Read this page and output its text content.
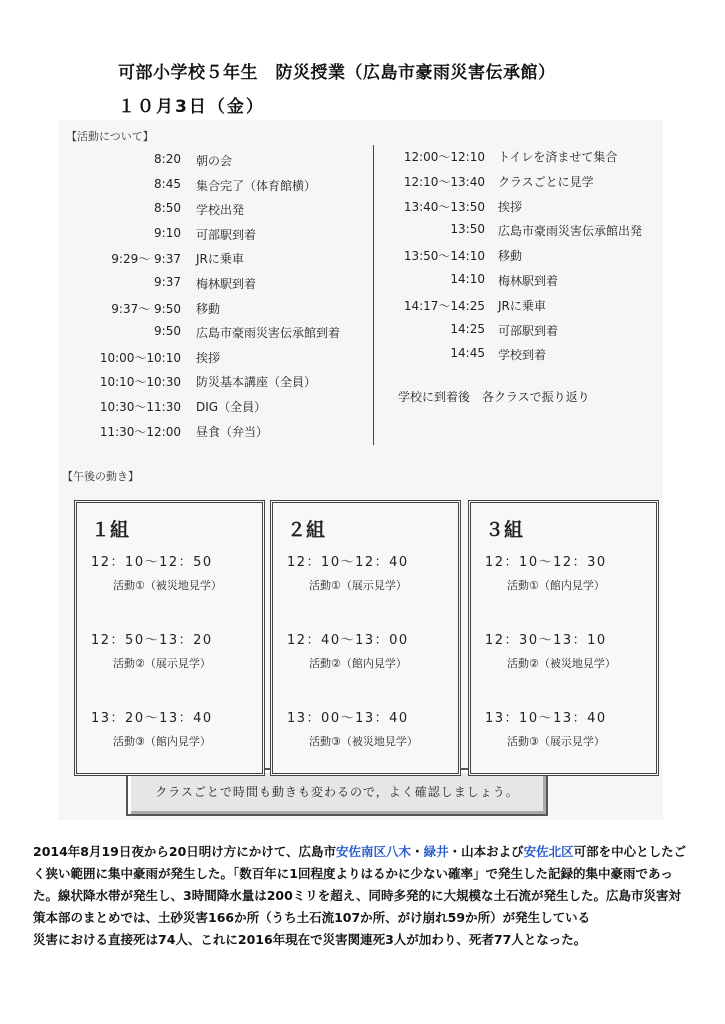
可部小学校５年生　防災授業（広島市豪雨災害伝承館）
１０月3日（金）
【活動について】
8:20 朝の会
8:45 集合完了（体育館横）
8:50 学校出発
9:10 可部駅到着
9:29～ 9:37 JRに乗車
9:37 梅林駅到着
9:37～ 9:50 移動
9:50 広島市豪雨災害伝承館到着
10:00～10:10 挨拶
10:10～10:30 防災基本講座（全員）
10:30～11:30 DIG（全員）
11:30～12:00 昼食（弁当）
【午後の動き】
クラスごとで時間も動きも変わるので，よく確認しましょう。
12:00～12:10 トイレを済ませて集合
12:10～13:40 クラスごとに見学
13:40～13:50 挨拶
13:50 広島市豪雨災害伝承館出発
13:50～14:10 移動
14:10 梅林駅到着
14:17～14:25 JRに乗車
14:25 可部駅到着
14:45 学校到着
学校に到着後　各クラスで振り返り
１組
12：10～12：50
活動①（被災地見学）
12：50～13：20
活動②（展示見学）
13：20～13：40
活動③（館内見学）
２組
12：10～12：40
活動①（展示見学）
12：40～13：00
活動②（館内見学）
13：00～13：40
活動③（被災地見学）
３組
12：10～12：30
活動①（館内見学）
12：30～13：10
活動②（被災地見学）
13：10～13：40
活動③（展示見学）
2014年8月19日夜から20日明け方にかけて、広島市安佐南区八木・緑井・山本および安佐北区可部を中心としたごく狭い範囲に集中豪雨が発生した。「数百年に1回程度よりはるかに少ない確率」で発生した記録的集中豪雨であった。線状降水帯が発生し、3時間降水量は200ミリを超え、同時多発的に大規模な土石流が発生した。広島市災害対策本部のまとめでは、土砂災害166か所（うち土石流107か所、がけ崩れ59か所）が発生している
災害における直接死は74人、これに2016年現在で災害関連死3人が加わり、死者77人となった。
